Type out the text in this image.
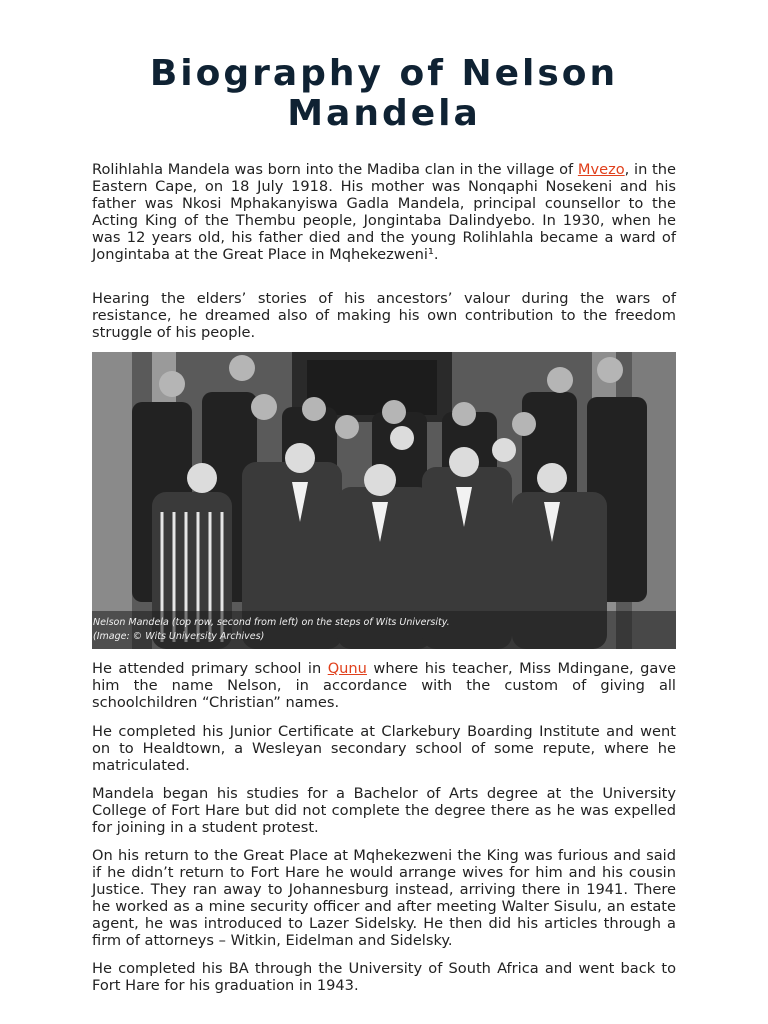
Biography of Nelson Mandela

Rolihlahla Mandela was born into the Madiba clan in the village of Mvezo, in the Eastern Cape, on 18 July 1918. His mother was Nonqaphi Nosekeni and his father was Nkosi Mphakanyiswa Gadla Mandela, principal counsellor to the Acting King of the Thembu people, Jongintaba Dalindyebo. In 1930, when he was 12 years old, his father died and the young Rolihlahla became a ward of Jongintaba at the Great Place in Mqhekezweni¹.

Hearing the elders’ stories of his ancestors’ valour during the wars of resistance, he dreamed also of making his own contribution to the freedom struggle of his people.

Nelson Mandela (top row, second from left) on the steps of Wits University.
(Image: © Wits University Archives)

He attended primary school in Qunu where his teacher, Miss Mdingane, gave him the name Nelson, in accordance with the custom of giving all schoolchildren “Christian” names.

He completed his Junior Certificate at Clarkebury Boarding Institute and went on to Healdtown, a Wesleyan secondary school of some repute, where he matriculated.

Mandela began his studies for a Bachelor of Arts degree at the University College of Fort Hare but did not complete the degree there as he was expelled for joining in a student protest.

On his return to the Great Place at Mqhekezweni the King was furious and said if he didn’t return to Fort Hare he would arrange wives for him and his cousin Justice. They ran away to Johannesburg instead, arriving there in 1941. There he worked as a mine security officer and after meeting Walter Sisulu, an estate agent, he was introduced to Lazer Sidelsky. He then did his articles through a firm of attorneys – Witkin, Eidelman and Sidelsky.

He completed his BA through the University of South Africa and went back to Fort Hare for his graduation in 1943.
